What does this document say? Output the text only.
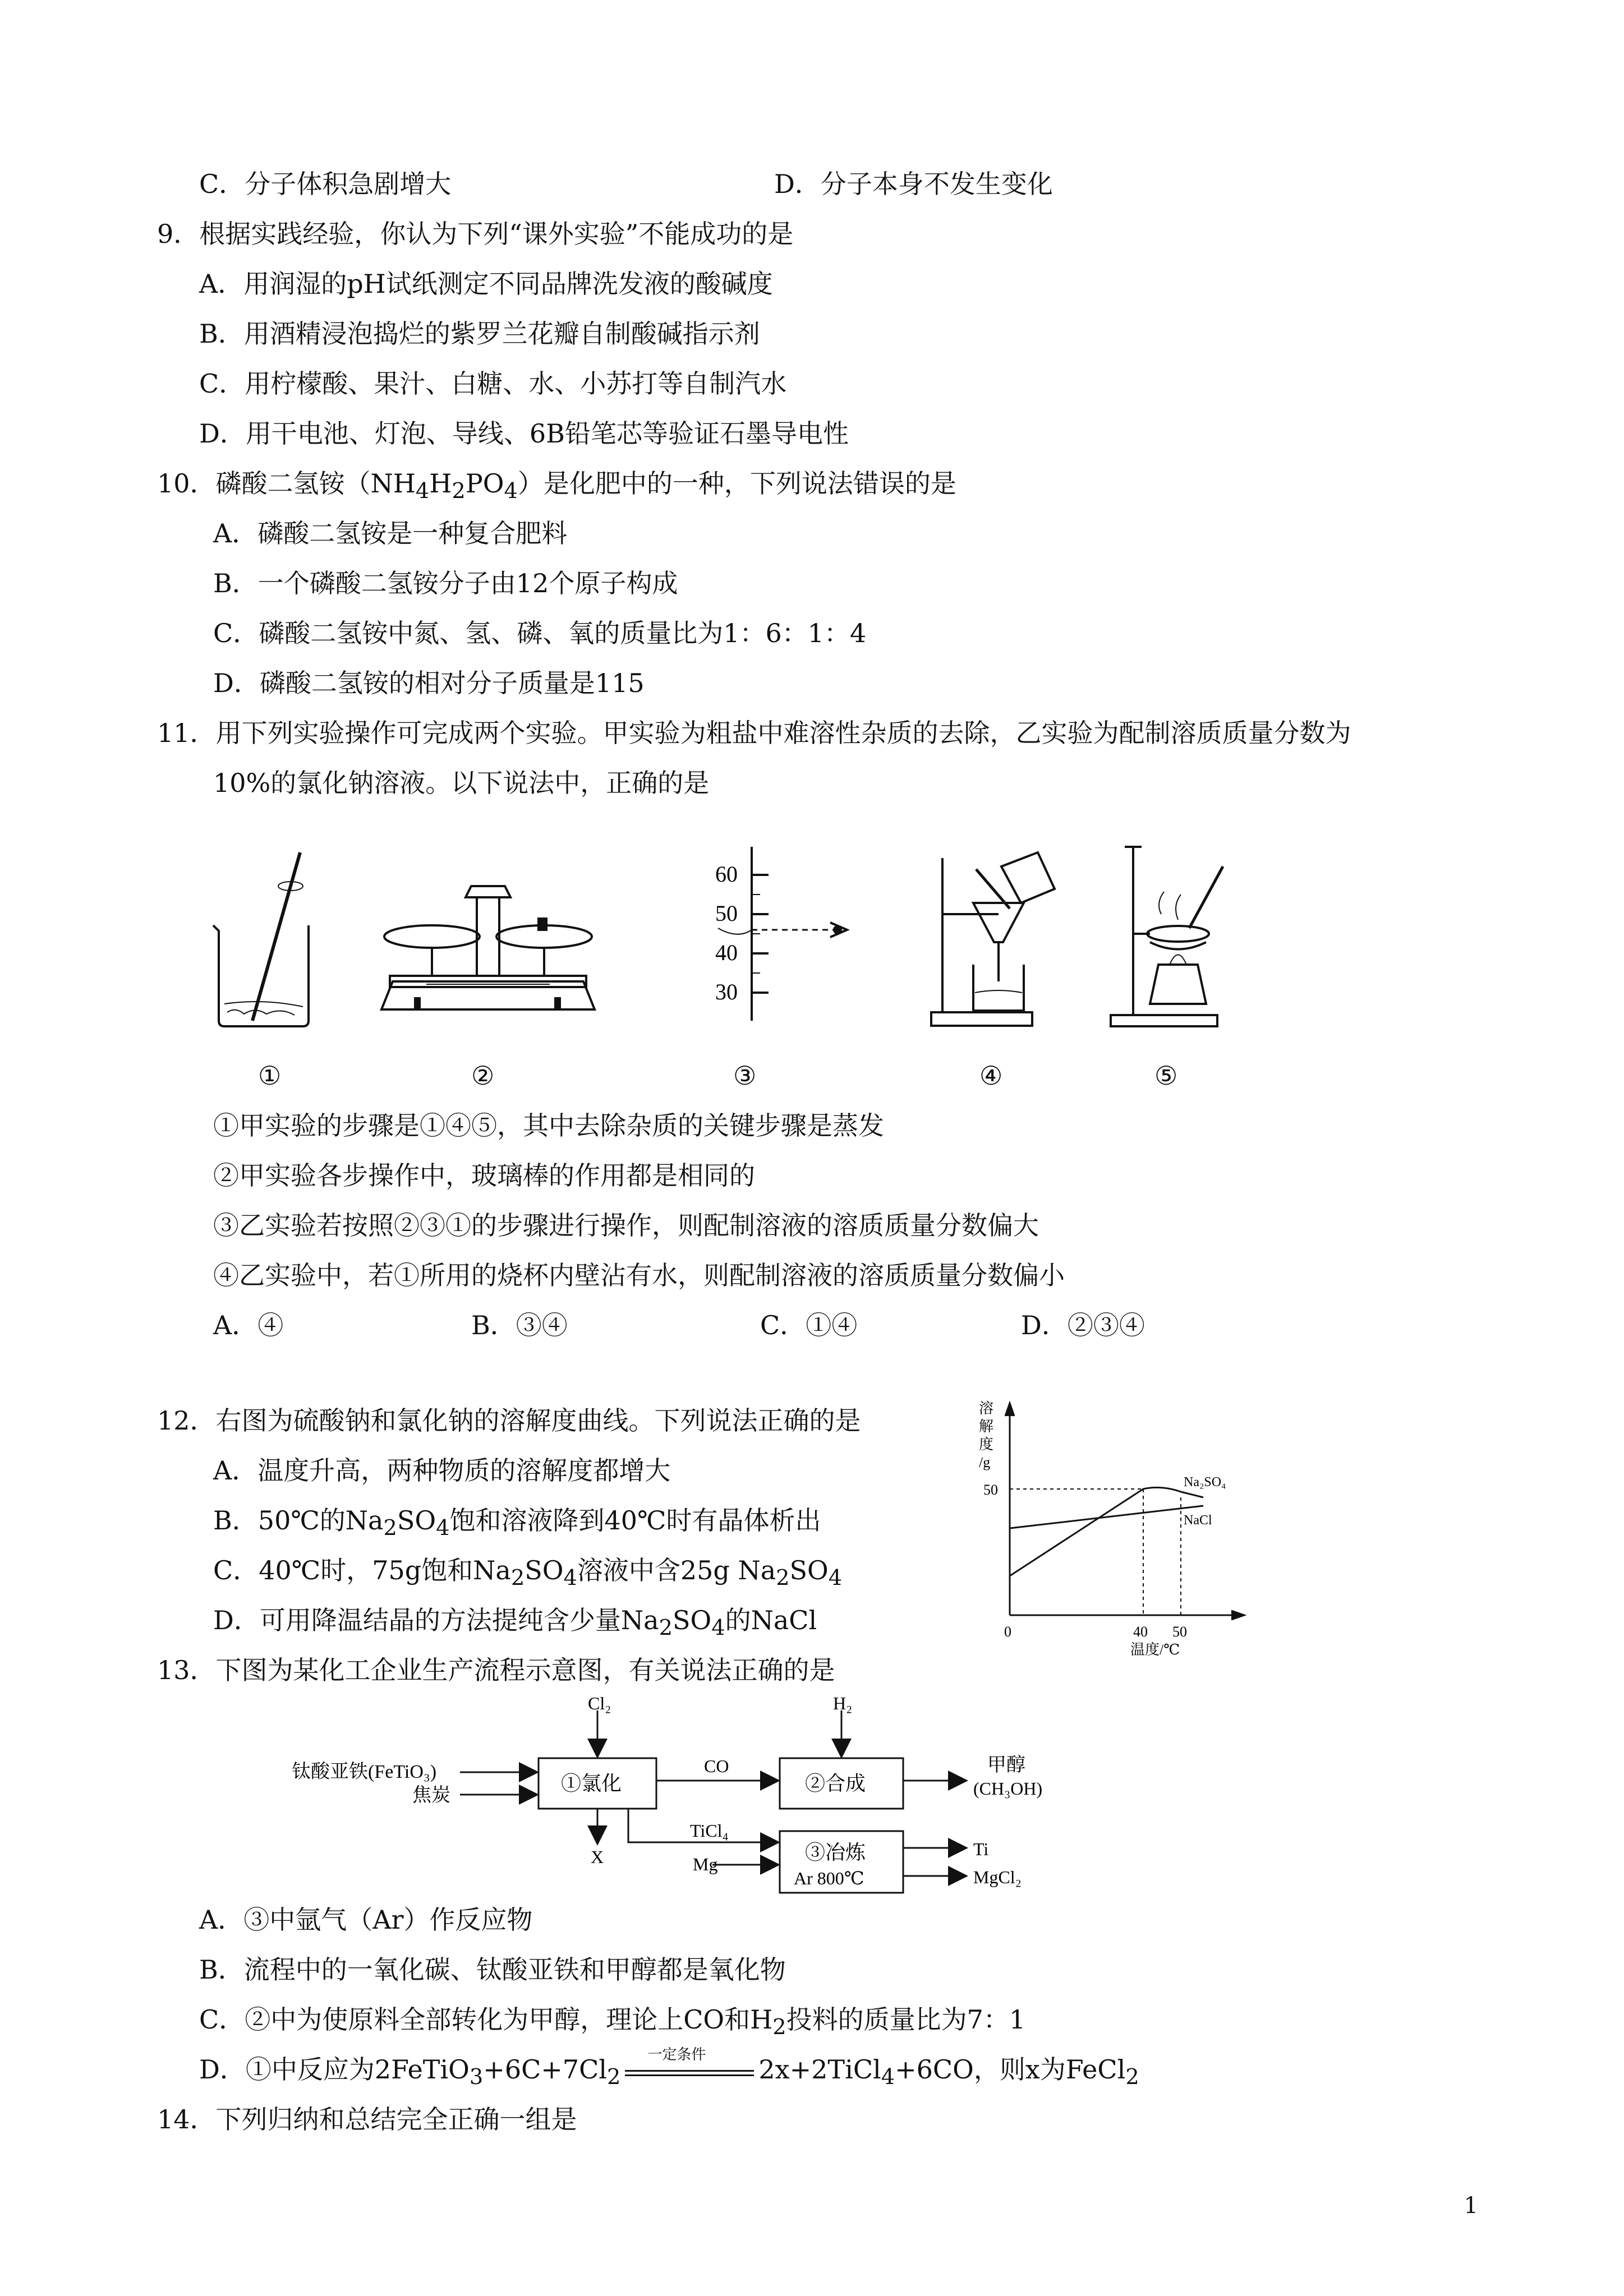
C．分子体积急剧增大	D．分子本身不发生变化
9．根据实践经验，你认为下列“课外实验”不能成功的是
A．用润湿的pH试纸测定不同品牌洗发液的酸碱度
B．用酒精浸泡捣烂的紫罗兰花瓣自制酸碱指示剂
C．用柠檬酸、果汁、白糖、水、小苏打等自制汽水
D．用干电池、灯泡、导线、6B铅笔芯等验证石墨导电性
10．磷酸二氢铵$(NH_4H_2PO_4)$是化肥中的一种，下列说法错误的是
A．磷酸二氢铵是一种复合肥料
B．一个磷酸二氢铵分子由12个原子构成
C．磷酸二氢铵中氮、氢、磷、氧的质量比为1：6：1：4
D．磷酸二氢铵的相对分子质量是115
11．用下列实验操作可完成两个实验。甲实验为粗盐中难溶性杂质的去除，乙实验为配制溶质质量分数为
10%的氯化钠溶液。以下说法中，正确的是
60
50
40
30
①	②	③	④	⑤
①甲实验的步骤是①④⑤，其中去除杂质的关键步骤是蒸发
②甲实验各步操作中，玻璃棒的作用都是相同的
③乙实验若按照②③①的步骤进行操作，则配制溶液的溶质质量分数偏大
④乙实验中，若①所用的烧杯内壁沾有水，则配制溶液的溶质质量分数偏小
A．④	B．③④	C．①④	D．②③④
12．右图为硫酸钠和氯化钠的溶解度曲线。下列说法正确的是
A．温度升高，两种物质的溶解度都增大
B．50℃的$Na_2SO_4$饱和溶液降到40℃时有晶体析出
C．40℃时，75g饱和$Na_2SO_4$溶液中含25g $Na_2SO_4$
D．可用降温结晶的方法提纯含少量$Na_2SO_4$的NaCl
溶
解
度
/g
50
0	40 50
温度/℃
Na₂SO₄
NaCl
13．下图为某化工企业生产流程示意图，有关说法正确的是
钛酸亚铁(FeTiO₃)
焦炭
Cl₂	H₂
①氯化	②合成
③冶炼
Ar 800℃
CO
TiCl₄
Mg
X
甲醇
(CH₃OH)
Ti
MgCl₂
A．③中氩气（Ar）作反应物
B．流程中的一氧化碳、钛酸亚铁和甲醇都是氧化物
C．②中为使原料全部转化为甲醇，理论上CO和$H_2$投料的质量比为7：1
D．①中反应为$2FeTiO_3+6C+7Cl_2$
一定条件 2x+2TiCl$_4$+6CO，则x为FeCl$_2$
14．下列归纳和总结完全正确一组是
1
